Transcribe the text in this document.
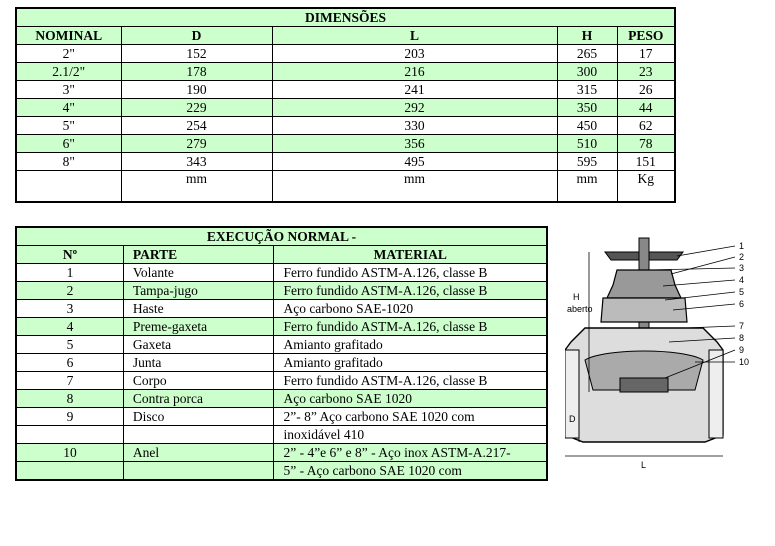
DIMENSÕES				
NOMINAL	D	L	H	PESO
2"	152	203	265	17
2.1/2"	178	216	300	23
3"	190	241	315	26
4"	229	292	350	44
5"	254	330	450	62
6"	279	356	510	78
8"	343	495	595	151
	mm	mm	mm	Kg
EXECUÇÃO NORMAL -		
Nº	PARTE	MATERIAL
1	Volante	Ferro fundido ASTM-A.126, classe B
2	Tampa-jugo	Ferro fundido ASTM-A.126, classe B
3	Haste	Aço carbono SAE-1020
4	Preme-gaxeta	Ferro fundido ASTM-A.126, classe B
5	Gaxeta	Amianto grafitado
6	Junta	Amianto grafitado
7	Corpo	Ferro fundido ASTM-A.126, classe B
8	Contra porca	Aço carbono SAE 1020
9	Disco	2”- 8” Aço carbono SAE 1020 com
		inoxidável 410
10	Anel	2” - 4”e 6” e 8” - Aço inox ASTM-A.217-
		5” - Aço carbono SAE 1020 com
1
2
3
4
5
6
7
8
9
10
H
aberto
D
L
